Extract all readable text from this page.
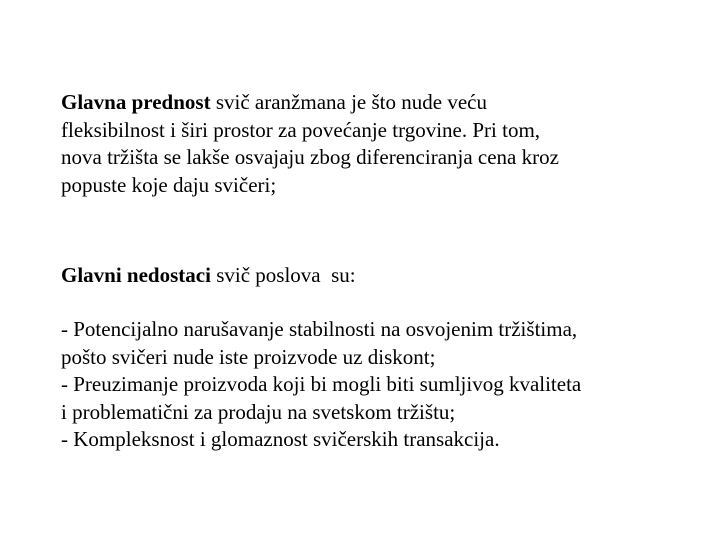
Glavna prednost svič aranžmana je što nude veću
fleksibilnost i širi prostor za povećanje trgovine. Pri tom,
nova tržišta se lakše osvajaju zbog diferenciranja cena kroz
popuste koje daju svičeri;

Glavni nedostaci svič poslova  su:

- Potencijalno narušavanje stabilnosti na osvojenim tržištima,
pošto svičeri nude iste proizvode uz diskont;
- Preuzimanje proizvoda koji bi mogli biti sumljivog kvaliteta
i problematični za prodaju na svetskom tržištu;
- Kompleksnost i glomaznost svičerskih transakcija.
